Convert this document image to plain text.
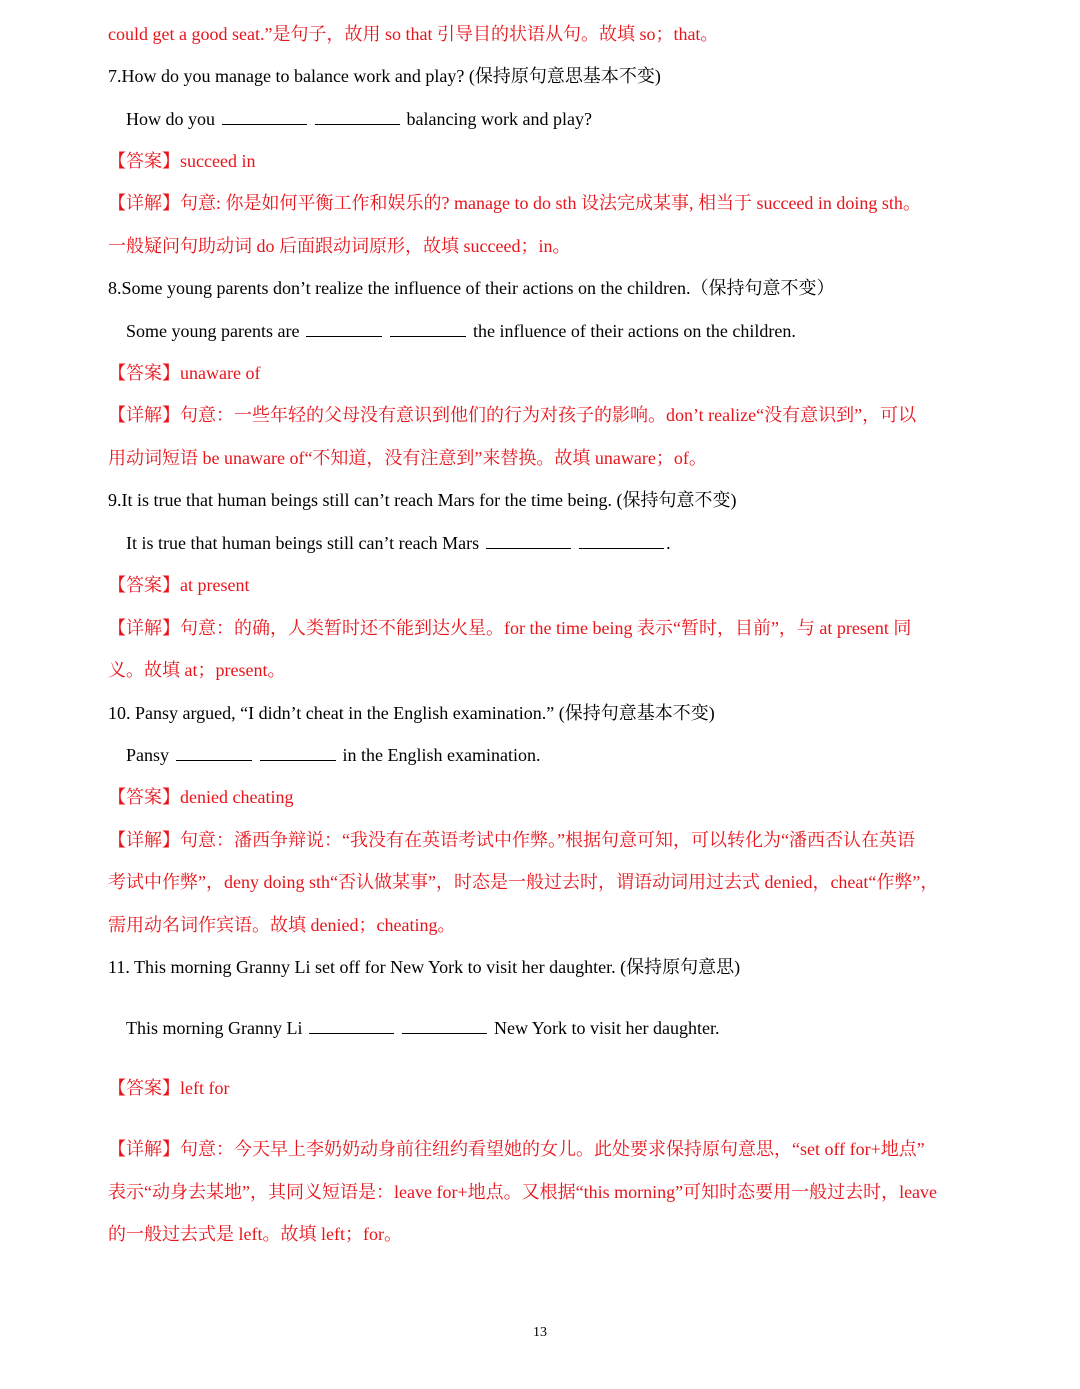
could get a good seat.”是句子，故用 so that 引导目的状语从句。故填 so；that。
7.How do you manage to balance work and play? (保持原句意思基本不变)
How do you	balancing work and play?
【答案】succeed in
【详解】句意: 你是如何平衡工作和娱乐的? manage to do sth 设法完成某事, 相当于 succeed in doing sth。
一般疑问句助动词 do 后面跟动词原形，故填 succeed；in。
8.Some young parents don’t realize the influence of their actions on the children.（保持句意不变）
Some young parents are	the influence of their actions on the children.
【答案】unaware of
【详解】句意：一些年轻的父母没有意识到他们的行为对孩子的影响。don’t realize“没有意识到”，可以
用动词短语 be unaware of“不知道，没有注意到”来替换。故填 unaware；of。
9.It is true that human beings still can’t reach Mars for the time being. (保持句意不变)
It is true that human beings still can’t reach Mars	.
【答案】at present
【详解】句意：的确，人类暂时还不能到达火星。for the time being 表示“暂时，目前”，与 at present 同
义。故填 at；present。
10. Pansy argued, “I didn’t cheat in the English examination.” (保持句意基本不变)
Pansy	in the English examination.
【答案】denied cheating
【详解】句意：潘西争辩说：“我没有在英语考试中作弊。”根据句意可知，可以转化为“潘西否认在英语
考试中作弊”，deny doing sth“否认做某事”，时态是一般过去时，谓语动词用过去式 denied，cheat“作弊”，
需用动名词作宾语。故填 denied；cheating。
11. This morning Granny Li set off for New York to visit her daughter. (保持原句意思)
This morning Granny Li	New York to visit her daughter.
【答案】left for
【详解】句意：今天早上李奶奶动身前往纽约看望她的女儿。此处要求保持原句意思，“set off for+地点”
表示“动身去某地”，其同义短语是：leave for+地点。又根据“this morning”可知时态要用一般过去时，leave
的一般过去式是 left。故填 left；for。
13
